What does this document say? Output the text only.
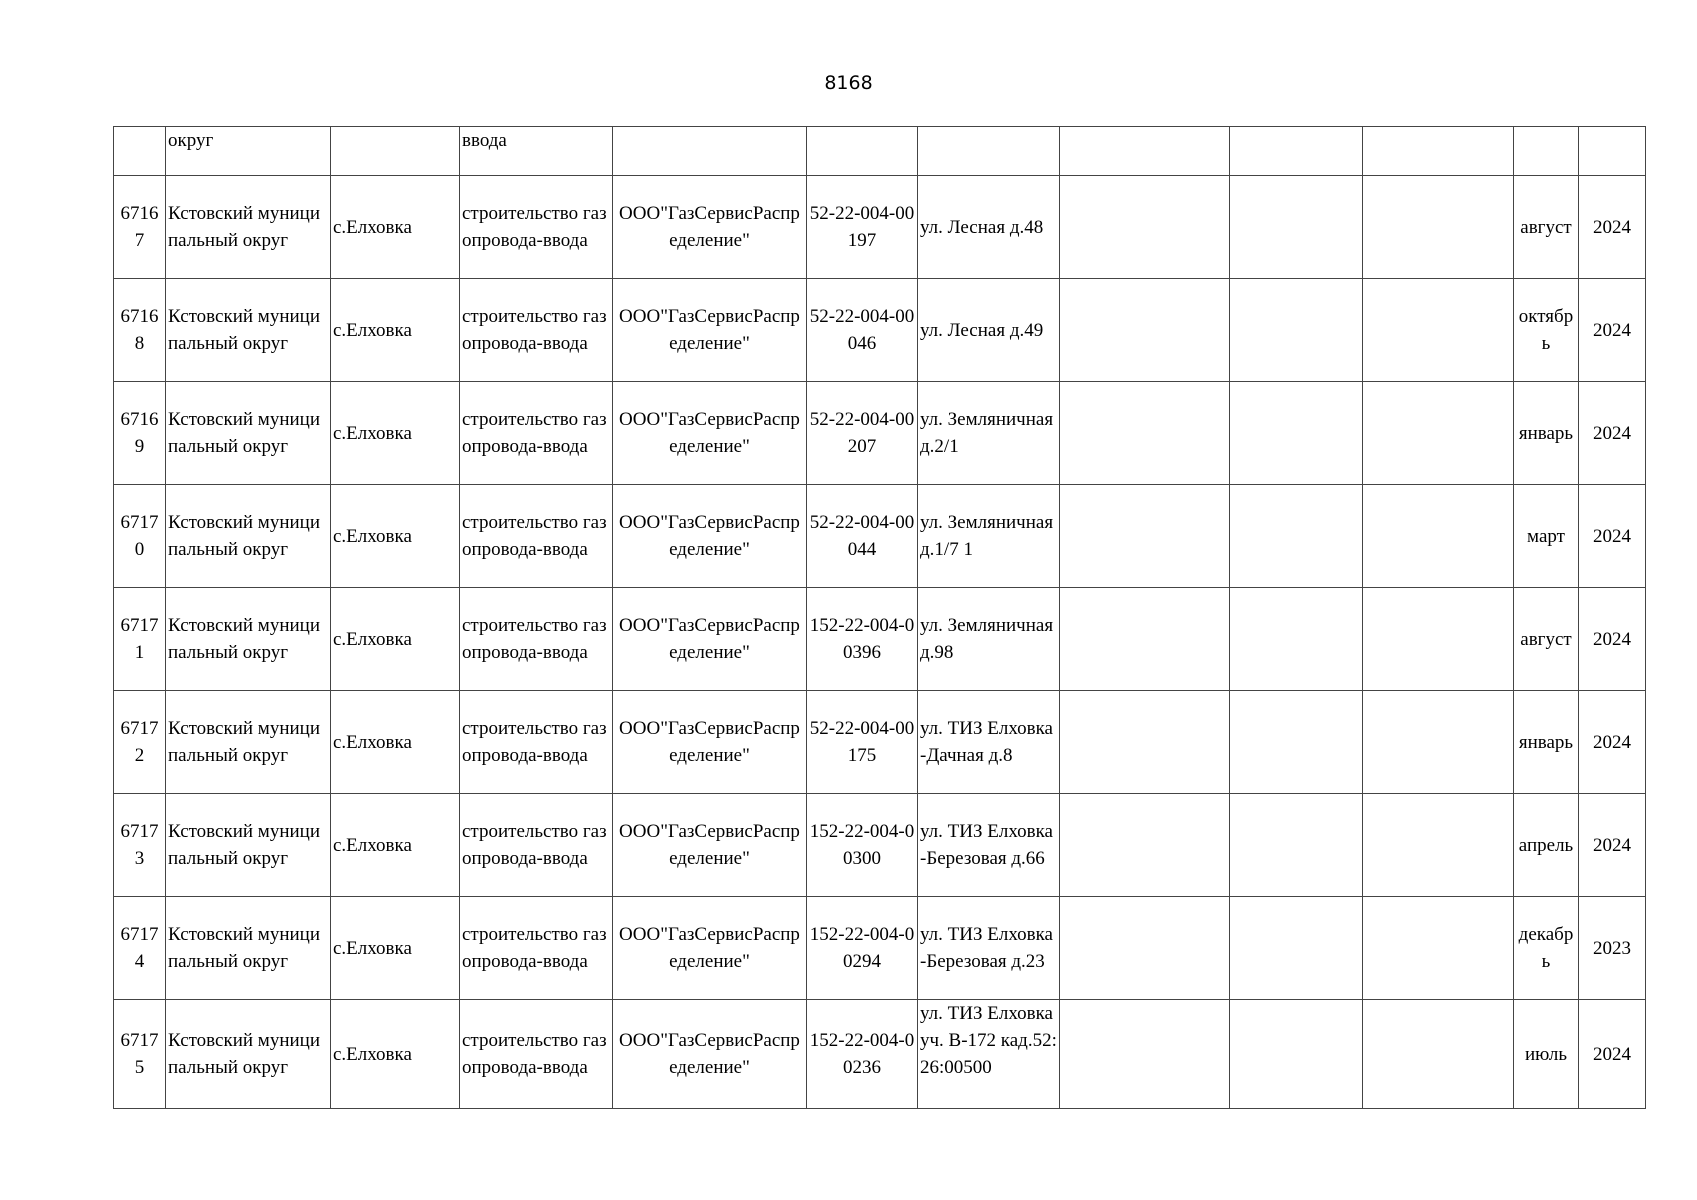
8168
	округ		ввода								
67167	Кстовский муниципальный округ	с.Елховка	строительство газопровода-ввода	ООО"ГазСервисРаспределение"	52-22-004-00197	ул. Лесная д.48				август	2024
67168	Кстовский муниципальный округ	с.Елховка	строительство газопровода-ввода	ООО"ГазСервисРаспределение"	52-22-004-00046	ул. Лесная д.49				октябрь	2024
67169	Кстовский муниципальный округ	с.Елховка	строительство газопровода-ввода	ООО"ГазСервисРаспределение"	52-22-004-00207	ул. Земляничная д.2/1				январь	2024
67170	Кстовский муниципальный округ	с.Елховка	строительство газопровода-ввода	ООО"ГазСервисРаспределение"	52-22-004-00044	ул. Земляничная д.1/7 1				март	2024
67171	Кстовский муниципальный округ	с.Елховка	строительство газопровода-ввода	ООО"ГазСервисРаспределение"	152-22-004-00396	ул. Земляничная д.98				август	2024
67172	Кстовский муниципальный округ	с.Елховка	строительство газопровода-ввода	ООО"ГазСервисРаспределение"	52-22-004-00175	ул. ТИЗ Елховка-Дачная д.8				январь	2024
67173	Кстовский муниципальный округ	с.Елховка	строительство газопровода-ввода	ООО"ГазСервисРаспределение"	152-22-004-00300	ул. ТИЗ Елховка-Березовая д.66				апрель	2024
67174	Кстовский муниципальный округ	с.Елховка	строительство газопровода-ввода	ООО"ГазСервисРаспределение"	152-22-004-00294	ул. ТИЗ Елховка-Березовая д.23				декабрь	2023
67175	Кстовский муниципальный округ	с.Елховка	строительство газопровода-ввода	ООО"ГазСервисРаспределение"	152-22-004-00236	ул. ТИЗ Елховка уч. В-172 кад.52:26:00500				июль	2024
